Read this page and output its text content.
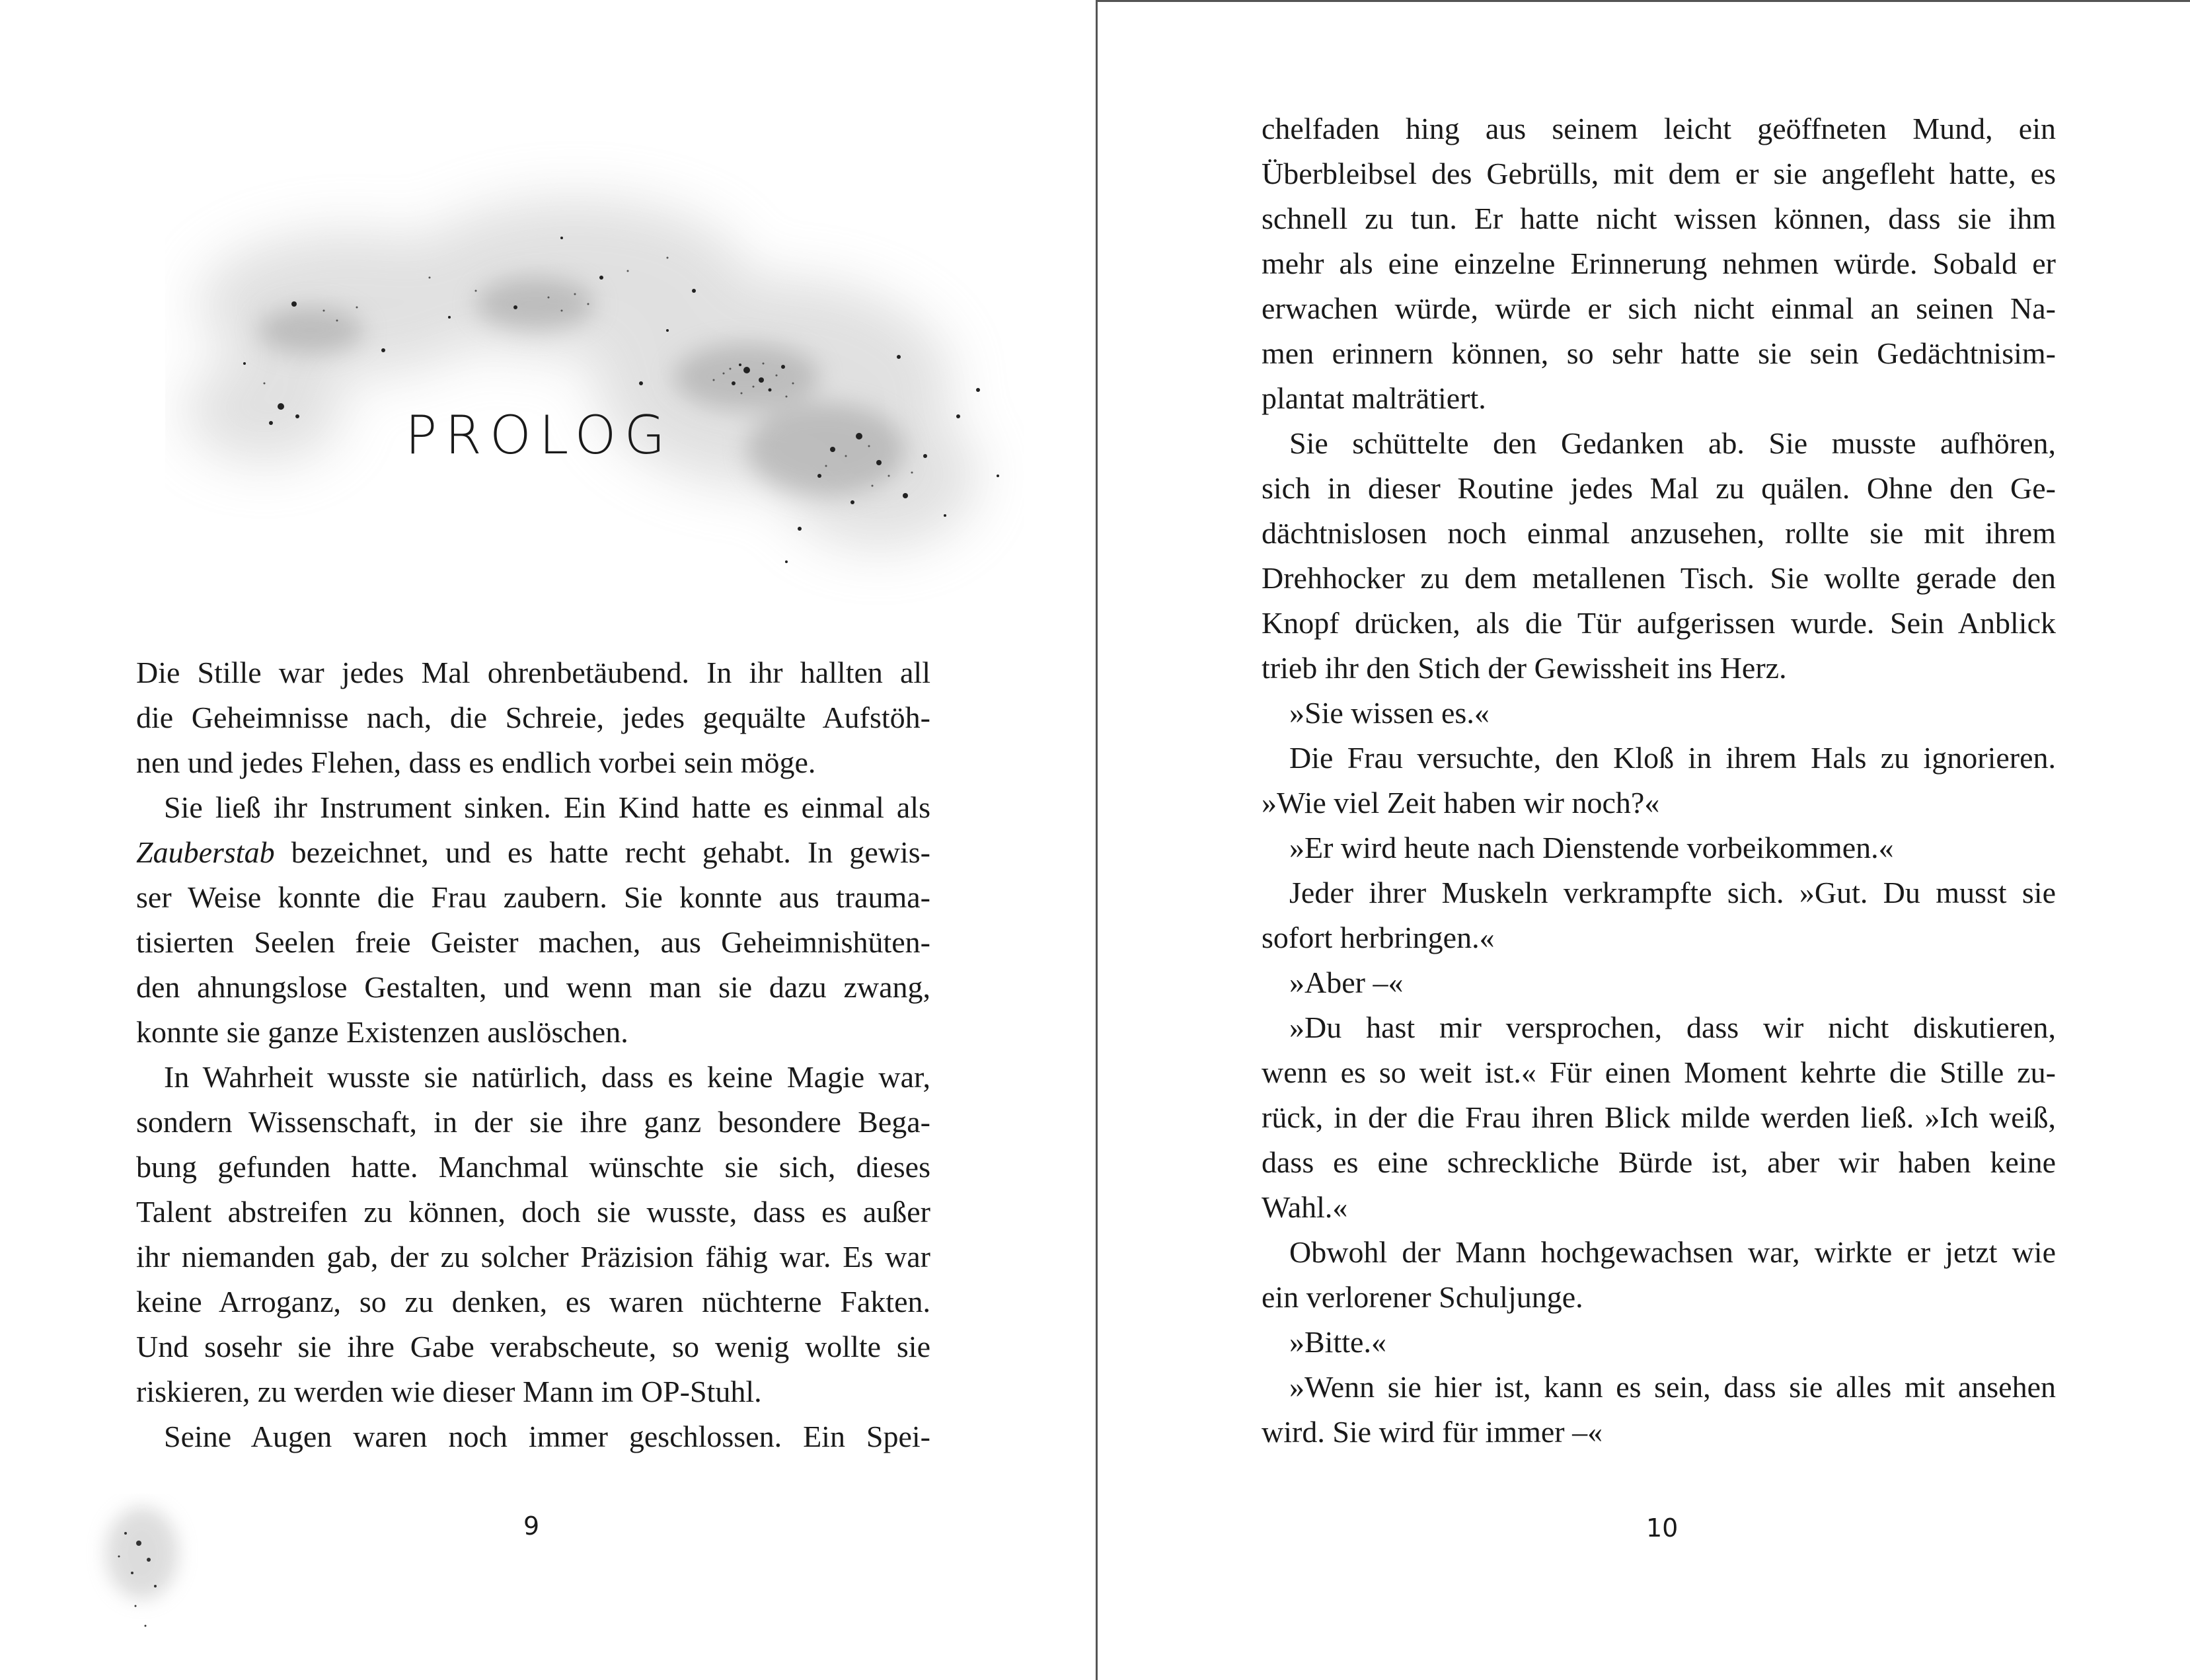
PROLOG
Die Stille war jedes Mal ohrenbetäubend. In ihr hallten all
die Geheimnisse nach, die Schreie, jedes gequälte Aufstöh-
nen und jedes Flehen, dass es endlich vorbei sein möge.
Sie ließ ihr Instrument sinken. Ein Kind hatte es einmal als
Zauberstab bezeichnet, und es hatte recht gehabt. In gewis-
ser Weise konnte die Frau zaubern. Sie konnte aus trauma-
tisierten Seelen freie Geister machen, aus Geheimnishüten-
den ahnungslose Gestalten, und wenn man sie dazu zwang,
konnte sie ganze Existenzen auslöschen.
In Wahrheit wusste sie natürlich, dass es keine Magie war,
sondern Wissenschaft, in der sie ihre ganz besondere Bega-
bung gefunden hatte. Manchmal wünschte sie sich, dieses
Talent abstreifen zu können, doch sie wusste, dass es außer
ihr niemanden gab, der zu solcher Präzision fähig war. Es war
keine Arroganz, so zu denken, es waren nüchterne Fakten.
Und sosehr sie ihre Gabe verabscheute, so wenig wollte sie
riskieren, zu werden wie dieser Mann im OP-Stuhl.
Seine Augen waren noch immer geschlossen. Ein Spei-
9
chelfaden hing aus seinem leicht geöffneten Mund, ein
Überbleibsel des Gebrülls, mit dem er sie angefleht hatte, es
schnell zu tun. Er hatte nicht wissen können, dass sie ihm
mehr als eine einzelne Erinnerung nehmen würde. Sobald er
erwachen würde, würde er sich nicht einmal an seinen Na-
men erinnern können, so sehr hatte sie sein Gedächtnisim-
plantat malträtiert.
Sie schüttelte den Gedanken ab. Sie musste aufhören,
sich in dieser Routine jedes Mal zu quälen. Ohne den Ge-
dächtnislosen noch einmal anzusehen, rollte sie mit ihrem
Drehhocker zu dem metallenen Tisch. Sie wollte gerade den
Knopf drücken, als die Tür aufgerissen wurde. Sein Anblick
trieb ihr den Stich der Gewissheit ins Herz.
»Sie wissen es.«
Die Frau versuchte, den Kloß in ihrem Hals zu ignorieren.
»Wie viel Zeit haben wir noch?«
»Er wird heute nach Dienstende vorbeikommen.«
Jeder ihrer Muskeln verkrampfte sich. »Gut. Du musst sie
sofort herbringen.«
»Aber –«
»Du hast mir versprochen, dass wir nicht diskutieren,
wenn es so weit ist.« Für einen Moment kehrte die Stille zu-
rück, in der die Frau ihren Blick milde werden ließ. »Ich weiß,
dass es eine schreckliche Bürde ist, aber wir haben keine
Wahl.«
Obwohl der Mann hochgewachsen war, wirkte er jetzt wie
ein verlorener Schuljunge.
»Bitte.«
»Wenn sie hier ist, kann es sein, dass sie alles mit ansehen
wird. Sie wird für immer –«
10
